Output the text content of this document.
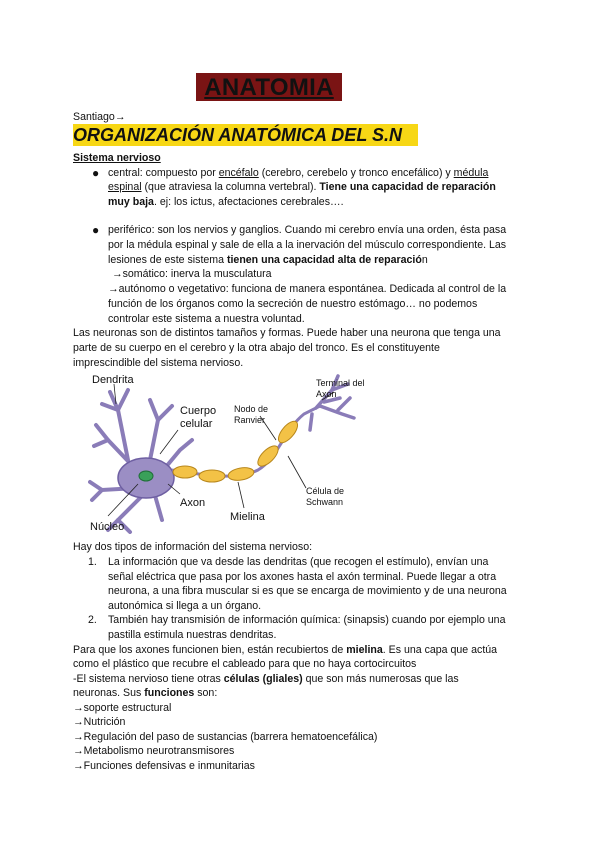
ANATOMIA
Santiago→
ORGANIZACIÓN ANATÓMICA DEL S.N
Sistema nervioso
● central: compuesto por encéfalo (cerebro, cerebelo y tronco encefálico) y médula
espinal (que atraviesa la columna vertebral). Tiene una capacidad de reparación
muy baja. ej: los ictus, afectaciones cerebrales….
● periférico: son los nervios y ganglios. Cuando mi cerebro envía una orden, ésta pasa
por la médula espinal y sale de ella a la inervación del músculo correspondiente. Las
lesiones de este sistema tienen una capacidad alta de reparación
→somático: inerva la musculatura
→autónomo o vegetativo: funciona de manera espontánea. Dedicada al control de la
función de los órganos como la secreción de nuestro estómago… no podemos
controlar este sistema a nuestra voluntad.
Las neuronas son de distintos tamaños y formas. Puede haber una neurona que tenga una
parte de su cuerpo en el cerebro y la otra abajo del tronco. Es el constituyente
imprescindible del sistema nervioso.
Dendrita
Cuerpo
celular
Nodo de
Ranvier
Terminal del
Axon
Célula de
Schwann
Axon
Mielina
Núcleo
Hay dos tipos de información del sistema nervioso:
1. La información que va desde las dendritas (que recogen el estímulo), envían una
señal eléctrica que pasa por los axones hasta el axón terminal. Puede llegar a otra
neurona, a una fibra muscular si es que se encarga de movimiento y de una neurona
autonómica si llega a un órgano.
2. También hay transmisión de información química: (sinapsis) cuando por ejemplo una
pastilla estimula nuestras dendritas.
Para que los axones funcionen bien, están recubiertos de mielina. Es una capa que actúa
como el plástico que recubre el cableado para que no haya cortocircuitos
-El sistema nervioso tiene otras células (gliales) que son más numerosas que las
neuronas. Sus funciones son:
→soporte estructural
→Nutrición
→Regulación del paso de sustancias (barrera hematoencefálica)
→Metabolismo neurotransmisores
→Funciones defensivas e inmunitarias
